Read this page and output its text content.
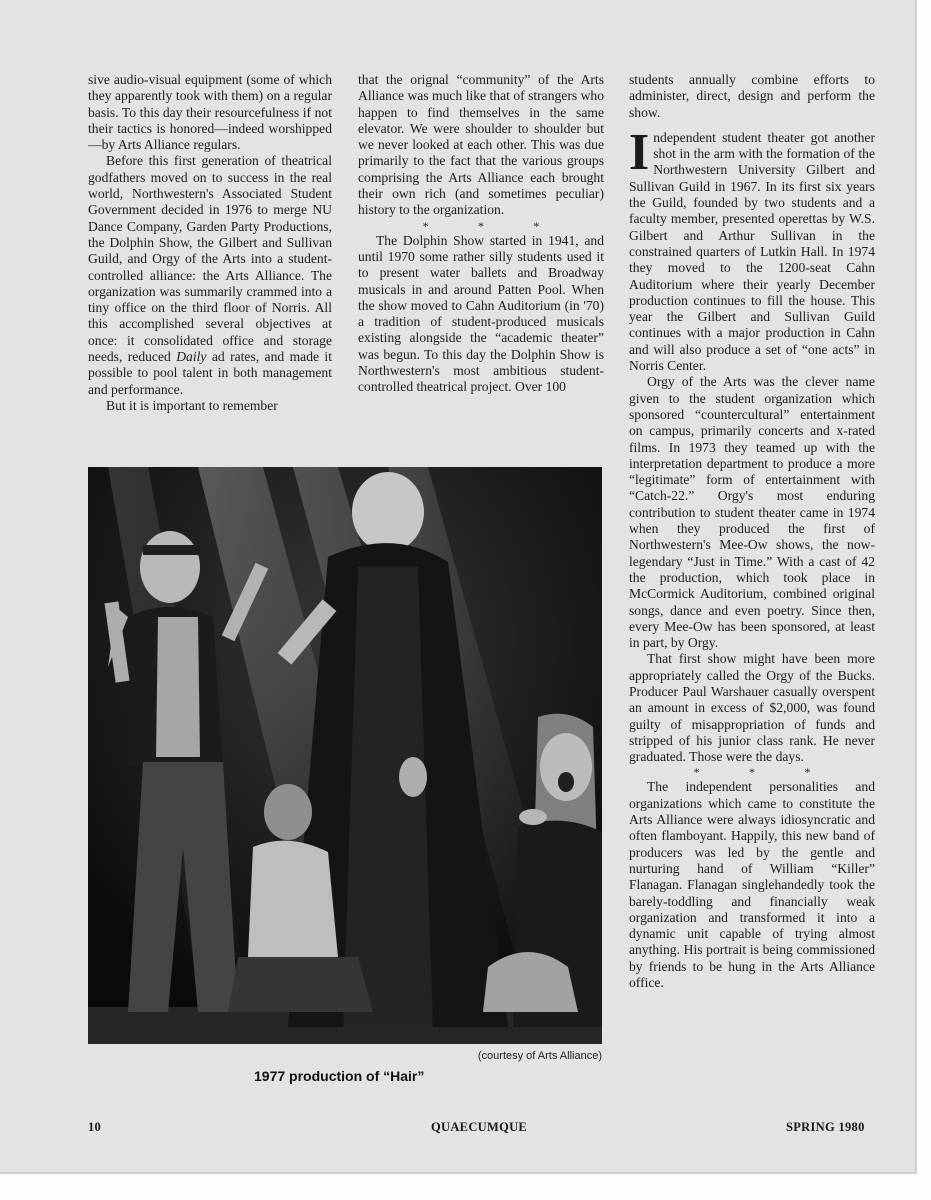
sive audio-visual equipment (some of which they apparently took with them) on a regular basis. To this day their resourcefulness if not their tactics is honored—indeed worshipped—by Arts Alliance regulars.

Before this first generation of theatrical godfathers moved on to success in the real world, Northwestern's Associated Student Government decided in 1976 to merge NU Dance Company, Garden Party Productions, the Dolphin Show, the Gilbert and Sullivan Guild, and Orgy of the Arts into a student-controlled alliance: the Arts Alliance. The organization was summarily crammed into a tiny office on the third floor of Norris. All this accomplished several objectives at once: it consolidated office and storage needs, reduced Daily ad rates, and made it possible to pool talent in both management and performance.

But it is important to remember

that the orignal “community” of the Arts Alliance was much like that of strangers who happen to find themselves in the same elevator. We were shoulder to shoulder but we never looked at each other. This was due primarily to the fact that the various groups comprising the Arts Alliance each brought their own rich (and sometimes peculiar) history to the organization.

*	*	*

The Dolphin Show started in 1941, and until 1970 some rather silly students used it to present water ballets and Broadway musicals in and around Patten Pool. When the show moved to Cahn Auditorium (in '70) a tradition of student-produced musicals existing alongside the “academic theater” was begun. To this day the Dolphin Show is Northwestern's most ambitious student-controlled theatrical project. Over 100

students annually combine efforts to administer, direct, design and perform the show.

Independent student theater got another shot in the arm with the formation of the Northwestern University Gilbert and Sullivan Guild in 1967. In its first six years the Guild, founded by two students and a faculty member, presented operettas by W.S. Gilbert and Arthur Sullivan in the constrained quarters of Lutkin Hall. In 1974 they moved to the 1200-seat Cahn Auditorium where their yearly December production continues to fill the house. This year the Gilbert and Sullivan Guild continues with a major production in Cahn and will also produce a set of “one acts” in Norris Center.

Orgy of the Arts was the clever name given to the student organization which sponsored “countercultural” entertainment on campus, primarily concerts and x-rated films. In 1973 they teamed up with the interpretation department to produce a more “legitimate” form of entertainment with “Catch-22.” Orgy's most enduring contribution to student theater came in 1974 when they produced the first of Northwestern's Mee-Ow shows, the now-legendary “Just in Time.” With a cast of 42 the production, which took place in McCormick Auditorium, combined original songs, dance and even poetry. Since then, every Mee-Ow has been sponsored, at least in part, by Orgy.

That first show might have been more appropriately called the Orgy of the Bucks. Producer Paul Warshauer casually overspent an amount in excess of $2,000, was found guilty of misappropriation of funds and stripped of his junior class rank. He never graduated. Those were the days.

*	*	*

The independent personalities and organizations which came to constitute the Arts Alliance were always idiosyncratic and often flamboyant. Happily, this new band of producers was led by the gentle and nurturing hand of William “Killer” Flanagan. Flanagan singlehandedly took the barely-toddling and financially weak organization and transformed it into a dynamic unit capable of trying almost anything. His portrait is being commissioned by friends to be hung in the Arts Alliance office.

(courtesy of Arts Alliance)
1977 production of “Hair”
10	QUAECUMQUE	SPRING 1980
